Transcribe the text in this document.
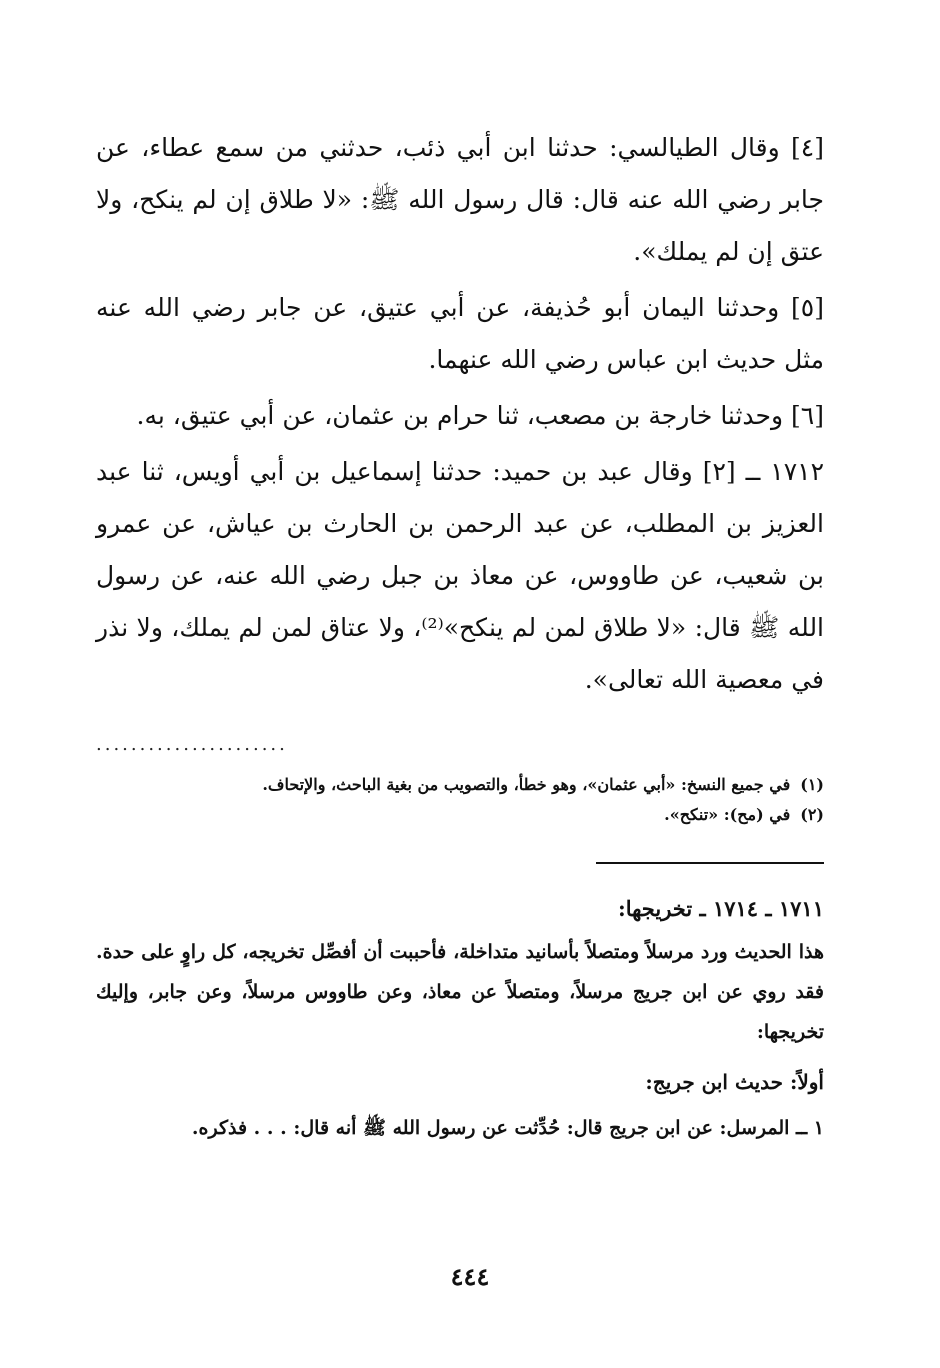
[٤] وقال الطيالسي: حدثنا ابن أبي ذئب، حدثني من سمع عطاء، عن جابر رضي الله عنه قال: قال رسول الله ﷺ: «لا طلاق إن لم ينكح، ولا عتق إن لم يملك».

[٥] وحدثنا اليمان أبو حُذيفة، عن أبي عتيق، عن جابر رضي الله عنه مثل حديث ابن عباس رضي الله عنهما.

[٦] وحدثنا خارجة بن مصعب، ثنا حرام بن عثمان، عن أبي عتيق، به.

١٧١٢ ــ [٢] وقال عبد بن حميد: حدثنا إسماعيل بن أبي أويس، ثنا عبد العزيز بن المطلب، عن عبد الرحمن بن الحارث بن عياش، عن عمرو بن شعيب، عن طاووس، عن معاذ بن جبل رضي الله عنه، عن رسول الله ﷺ قال: «لا طلاق لمن لم ينكح»⁽²⁾، ولا عتاق لمن لم يملك، ولا نذر في معصية الله تعالى».

......................

(١)في جميع النسخ: «أبي عثمان»، وهو خطأ، والتصويب من بغية الباحث، والإتحاف.

(٢)في (مح): «تنكح».

١٧١١ ـ ١٧١٤ ـ تخريجها:

هذا الحديث ورد مرسلاً ومتصلاً بأسانيد متداخلة، فأحببت أن أفصِّل تخريجه، كل راوٍ على حدة. فقد روي عن ابن جريج مرسلاً، ومتصلاً عن معاذ، وعن طاووس مرسلاً، وعن جابر، وإليك تخريجها:

أولاً: حديث ابن جريج:

١ ــ المرسل: عن ابن جريج قال: حُدِّثت عن رسول الله ﷺ أنه قال: . . . فذكره.

٤٤٤
